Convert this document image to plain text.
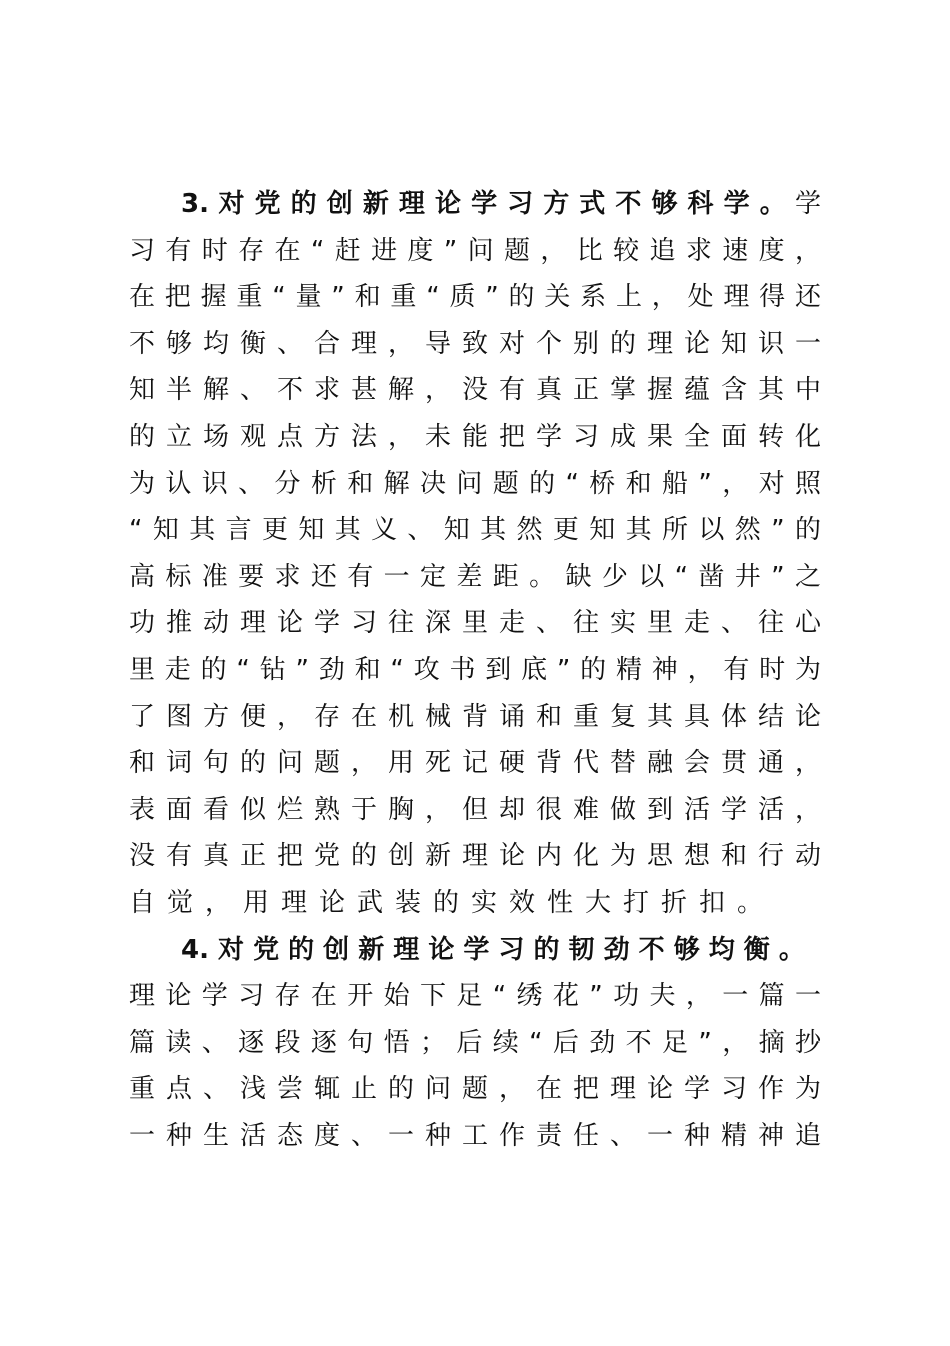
3. 对 党 的 创 新 理 论 学 习 方 式 不 够 科 学 。 学
习有时存在“赶进度”问题，比较追求速度，
在把握重“量”和重“质”的关系上，处理得还
不够均衡、合理，导致对个别的理论知识一
知半解、不求甚解，没有真正掌握蕴含其中
的立场观点方法，未能把学习成果全面转化
为认识、分析和解决问题的“桥和船”，对照
“知其言更知其义、知其然更知其所以然”的
高标准要求还有一定差距。缺少以“凿井”之
功推动理论学习往深里走、往实里走、往心
里走的“钻”劲和“攻书到底”的精神，有时为
了图方便，存在机械背诵和重复其具体结论
和词句的问题，用死记硬背代替融会贯通，
表面看似烂熟于胸，但却很难做到活学活，
没有真正把党的创新理论内化为思想和行动
自觉，用理论武装的实效性大打折扣。
4. 对 党 的 创 新 理 论 学 习 的 韧 劲 不 够 均 衡 。
理论学习存在开始下足“绣花”功夫，一篇一
篇读、逐段逐句悟；后续“后劲不足”，摘抄
重点、浅尝辄止的问题，在把理论学习作为
一种生活态度、一种工作责任、一种精神追
